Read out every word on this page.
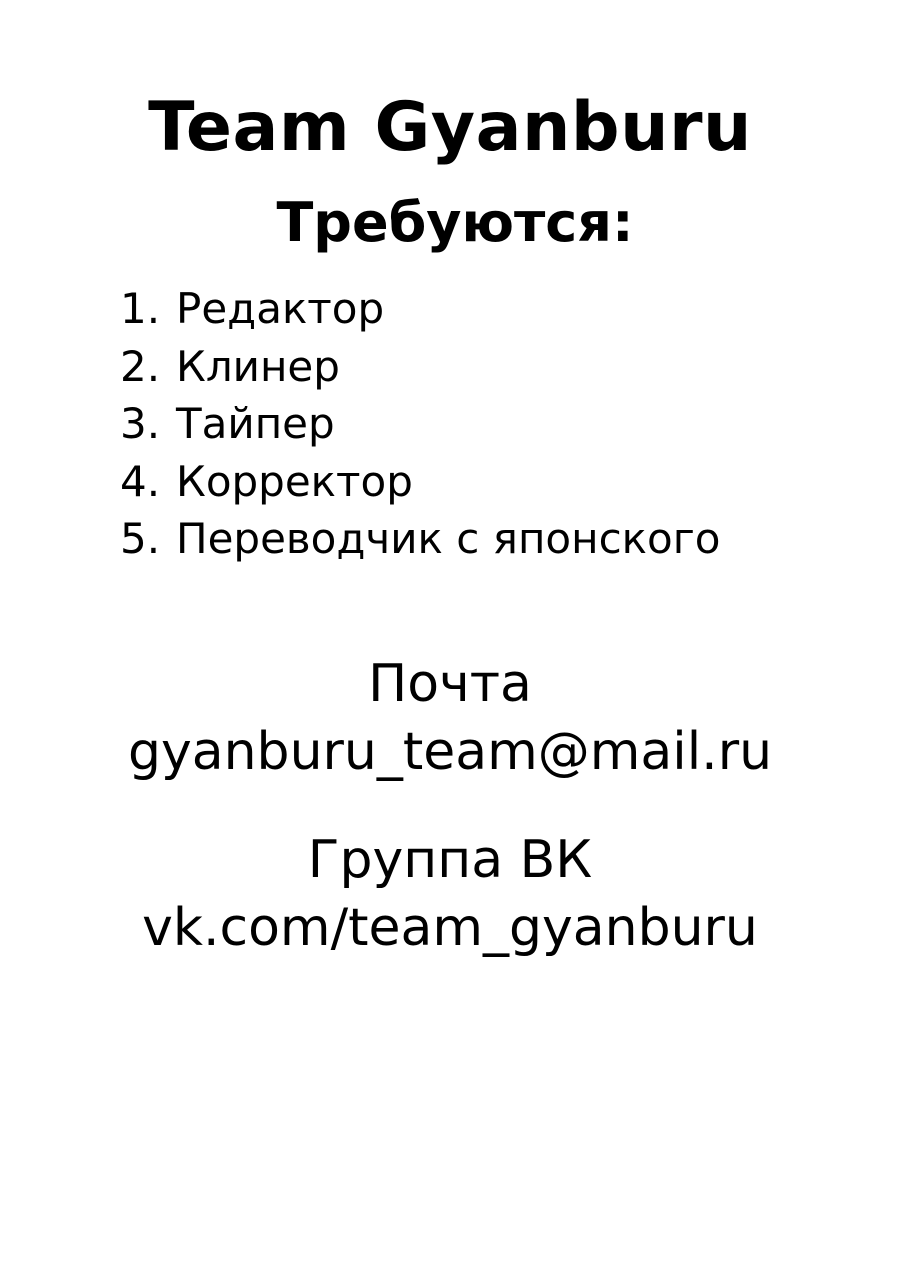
Team Gyanburu
Требуются:
1. Редактор
2. Клинер
3. Тайпер
4. Корректор
5. Переводчик с японского
Почта
gyanburu_team@mail.ru
Группа ВК
vk.com/team_gyanburu
